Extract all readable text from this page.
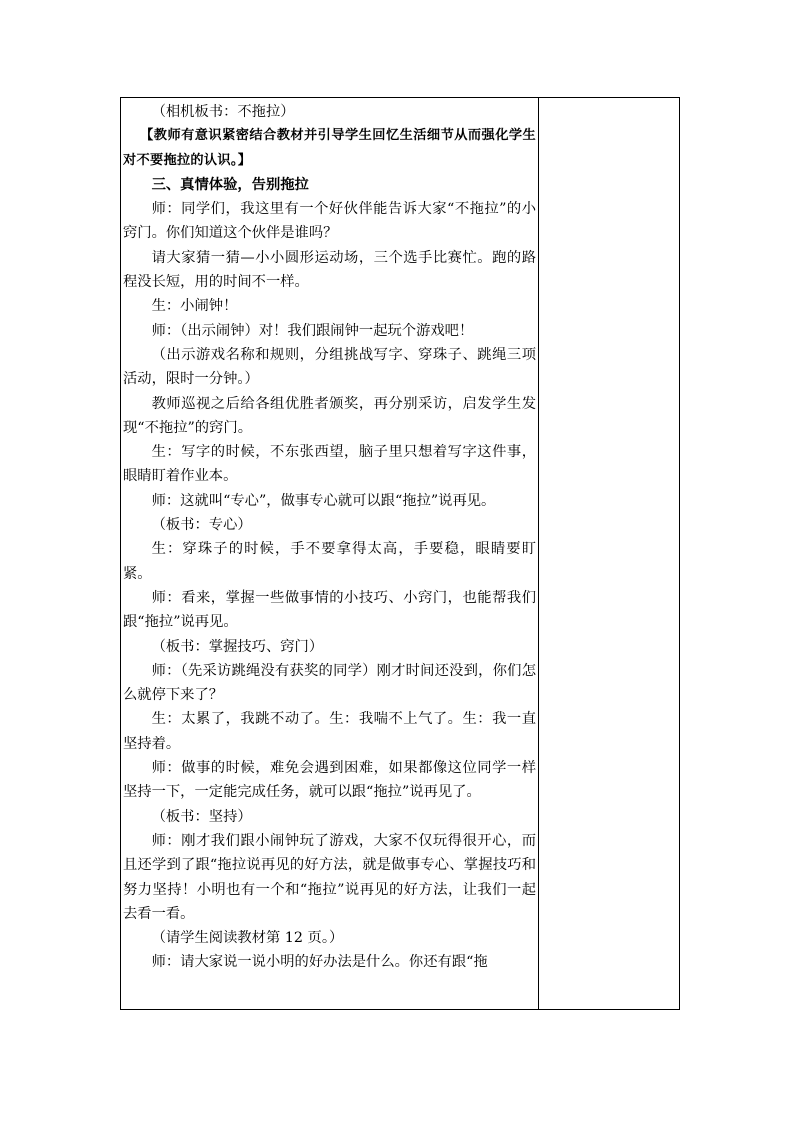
（相机板书：不拖拉）

【教师有意识紧密结合教材并引导学生回忆生活细节从而强化学生对不要拖拉的认识。】

三、真情体验，告别拖拉

师：同学们，我这里有一个好伙伴能告诉大家“不拖拉”的小窍门。你们知道这个伙伴是谁吗？

请大家猜一猜—小小圆形运动场，三个选手比赛忙。跑的路程没长短，用的时间不一样。

生：小闹钟！

师：（出示闹钟）对！我们跟闹钟一起玩个游戏吧！

（出示游戏名称和规则，分组挑战写字、穿珠子、跳绳三项活动，限时一分钟。）

教师巡视之后给各组优胜者颁奖，再分别采访，启发学生发现“不拖拉”的窍门。

生：写字的时候，不东张西望，脑子里只想着写字这件事，眼睛盯着作业本。

师：这就叫“专心”，做事专心就可以跟“拖拉”说再见。

（板书：专心）

生：穿珠子的时候，手不要拿得太高，手要稳，眼睛要盯紧。

师：看来，掌握一些做事情的小技巧、小窍门，也能帮我们跟“拖拉”说再见。

（板书：掌握技巧、窍门）

师：（先采访跳绳没有获奖的同学）刚才时间还没到，你们怎么就停下来了？

生：太累了，我跳不动了。生：我喘不上气了。生：我一直坚持着。

师：做事的时候，难免会遇到困难，如果都像这位同学一样坚持一下，一定能完成任务，就可以跟“拖拉”说再见了。

（板书：坚持）

师：刚才我们跟小闹钟玩了游戏，大家不仅玩得很开心，而且还学到了跟“拖拉说再见的好方法，就是做事专心、掌握技巧和努力坚持！小明也有一个和“拖拉”说再见的好方法，让我们一起去看一看。

（请学生阅读教材第 12 页。）

师：请大家说一说小明的好办法是什么。你还有跟“拖
